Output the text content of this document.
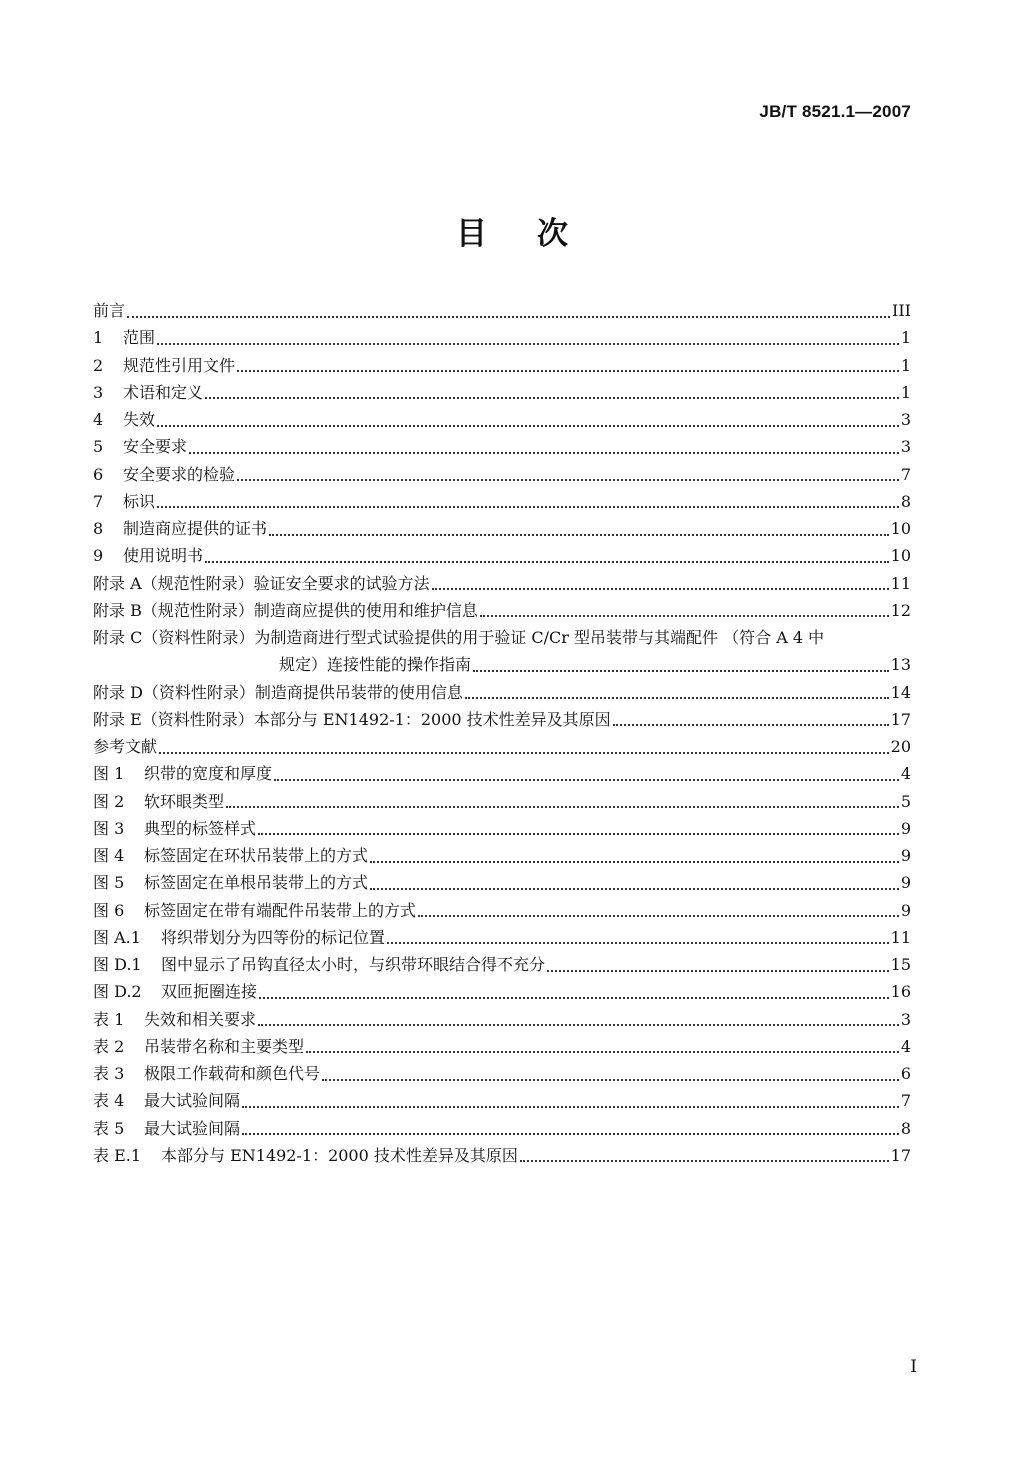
JB/T 8521.1—2007
目 次
前言	III
1	范围	1
2	规范性引用文件	1
3	术语和定义	1
4	失效	3
5	安全要求	3
6	安全要求的检验	7
7	标识	8
8	制造商应提供的证书	10
9	使用说明书	10
附录 A（规范性附录）验证安全要求的试验方法	11
附录 B（规范性附录）制造商应提供的使用和维护信息	12
附录 C（资料性附录）为制造商进行型式试验提供的用于验证 C/Cr 型吊装带与其端配件 （符合 A 4 中
规定）连接性能的操作指南	13
附录 D（资料性附录）制造商提供吊装带的使用信息	14
附录 E（资料性附录）本部分与 EN1492-1：2000 技术性差异及其原因	17
参考文献	20
图 1	织带的宽度和厚度	4
图 2	软环眼类型	5
图 3	典型的标签样式	9
图 4	标签固定在环状吊装带上的方式	9
图 5	标签固定在单根吊装带上的方式	9
图 6	标签固定在带有端配件吊装带上的方式	9
图 A.1	将织带划分为四等份的标记位置	11
图 D.1	图中显示了吊钩直径太小时，与织带环眼结合得不充分	15
图 D.2	双匝扼圈连接	16
表 1	失效和相关要求	3
表 2	吊装带名称和主要类型	4
表 3	极限工作载荷和颜色代号	6
表 4	最大试验间隔	7
表 5	最大试验间隔	8
表 E.1	本部分与 EN1492-1：2000 技术性差异及其原因	17
I
